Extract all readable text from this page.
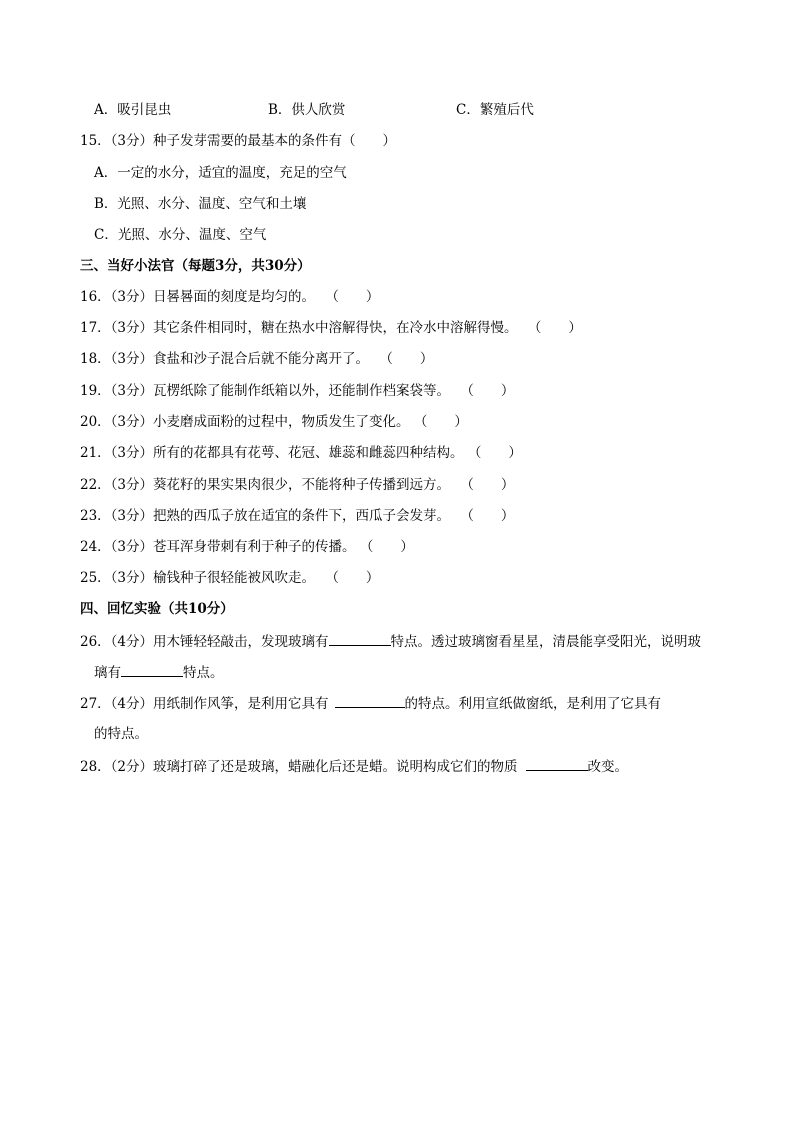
A．吸引昆虫	B．供人欣赏	C．繁殖后代
15．（3分）种子发芽需要的最基本的条件有（　　）
A．一定的水分，适宜的温度，充足的空气
B．光照、水分、温度、空气和土壤
C．光照、水分、温度、空气
三、当好小法官（每题3分，共30分）
16．（3分）日晷晷面的刻度是均匀的。 （　　）
17．（3分）其它条件相同时，糖在热水中溶解得快，在冷水中溶解得慢。 （　　）
18．（3分）食盐和沙子混合后就不能分离开了。 （　　）
19．（3分）瓦楞纸除了能制作纸箱以外，还能制作档案袋等。 （　　）
20．（3分）小麦磨成面粉的过程中，物质发生了变化。 （　　）
21．（3分）所有的花都具有花萼、花冠、雄蕊和雌蕊四种结构。 （　　）
22．（3分）葵花籽的果实果肉很少，不能将种子传播到远方。 （　　）
23．（3分）把熟的西瓜子放在适宜的条件下，西瓜子会发芽。 （　　）
24．（3分）苍耳浑身带刺有利于种子的传播。 （　　）
25．（3分）榆钱种子很轻能被风吹走。 （　　）
四、回忆实验（共10分）
26．（4分）用木锤轻轻敲击，发现玻璃有	特点。透过玻璃窗看星星，清晨能享受阳光，说明玻
璃有	特点。
27．（4分）用纸制作风筝，是利用它具有	的特点。利用宣纸做窗纸，是利用了它具有
的特点。
28．（2分）玻璃打碎了还是玻璃，蜡融化后还是蜡。说明构成它们的物质	改变。
